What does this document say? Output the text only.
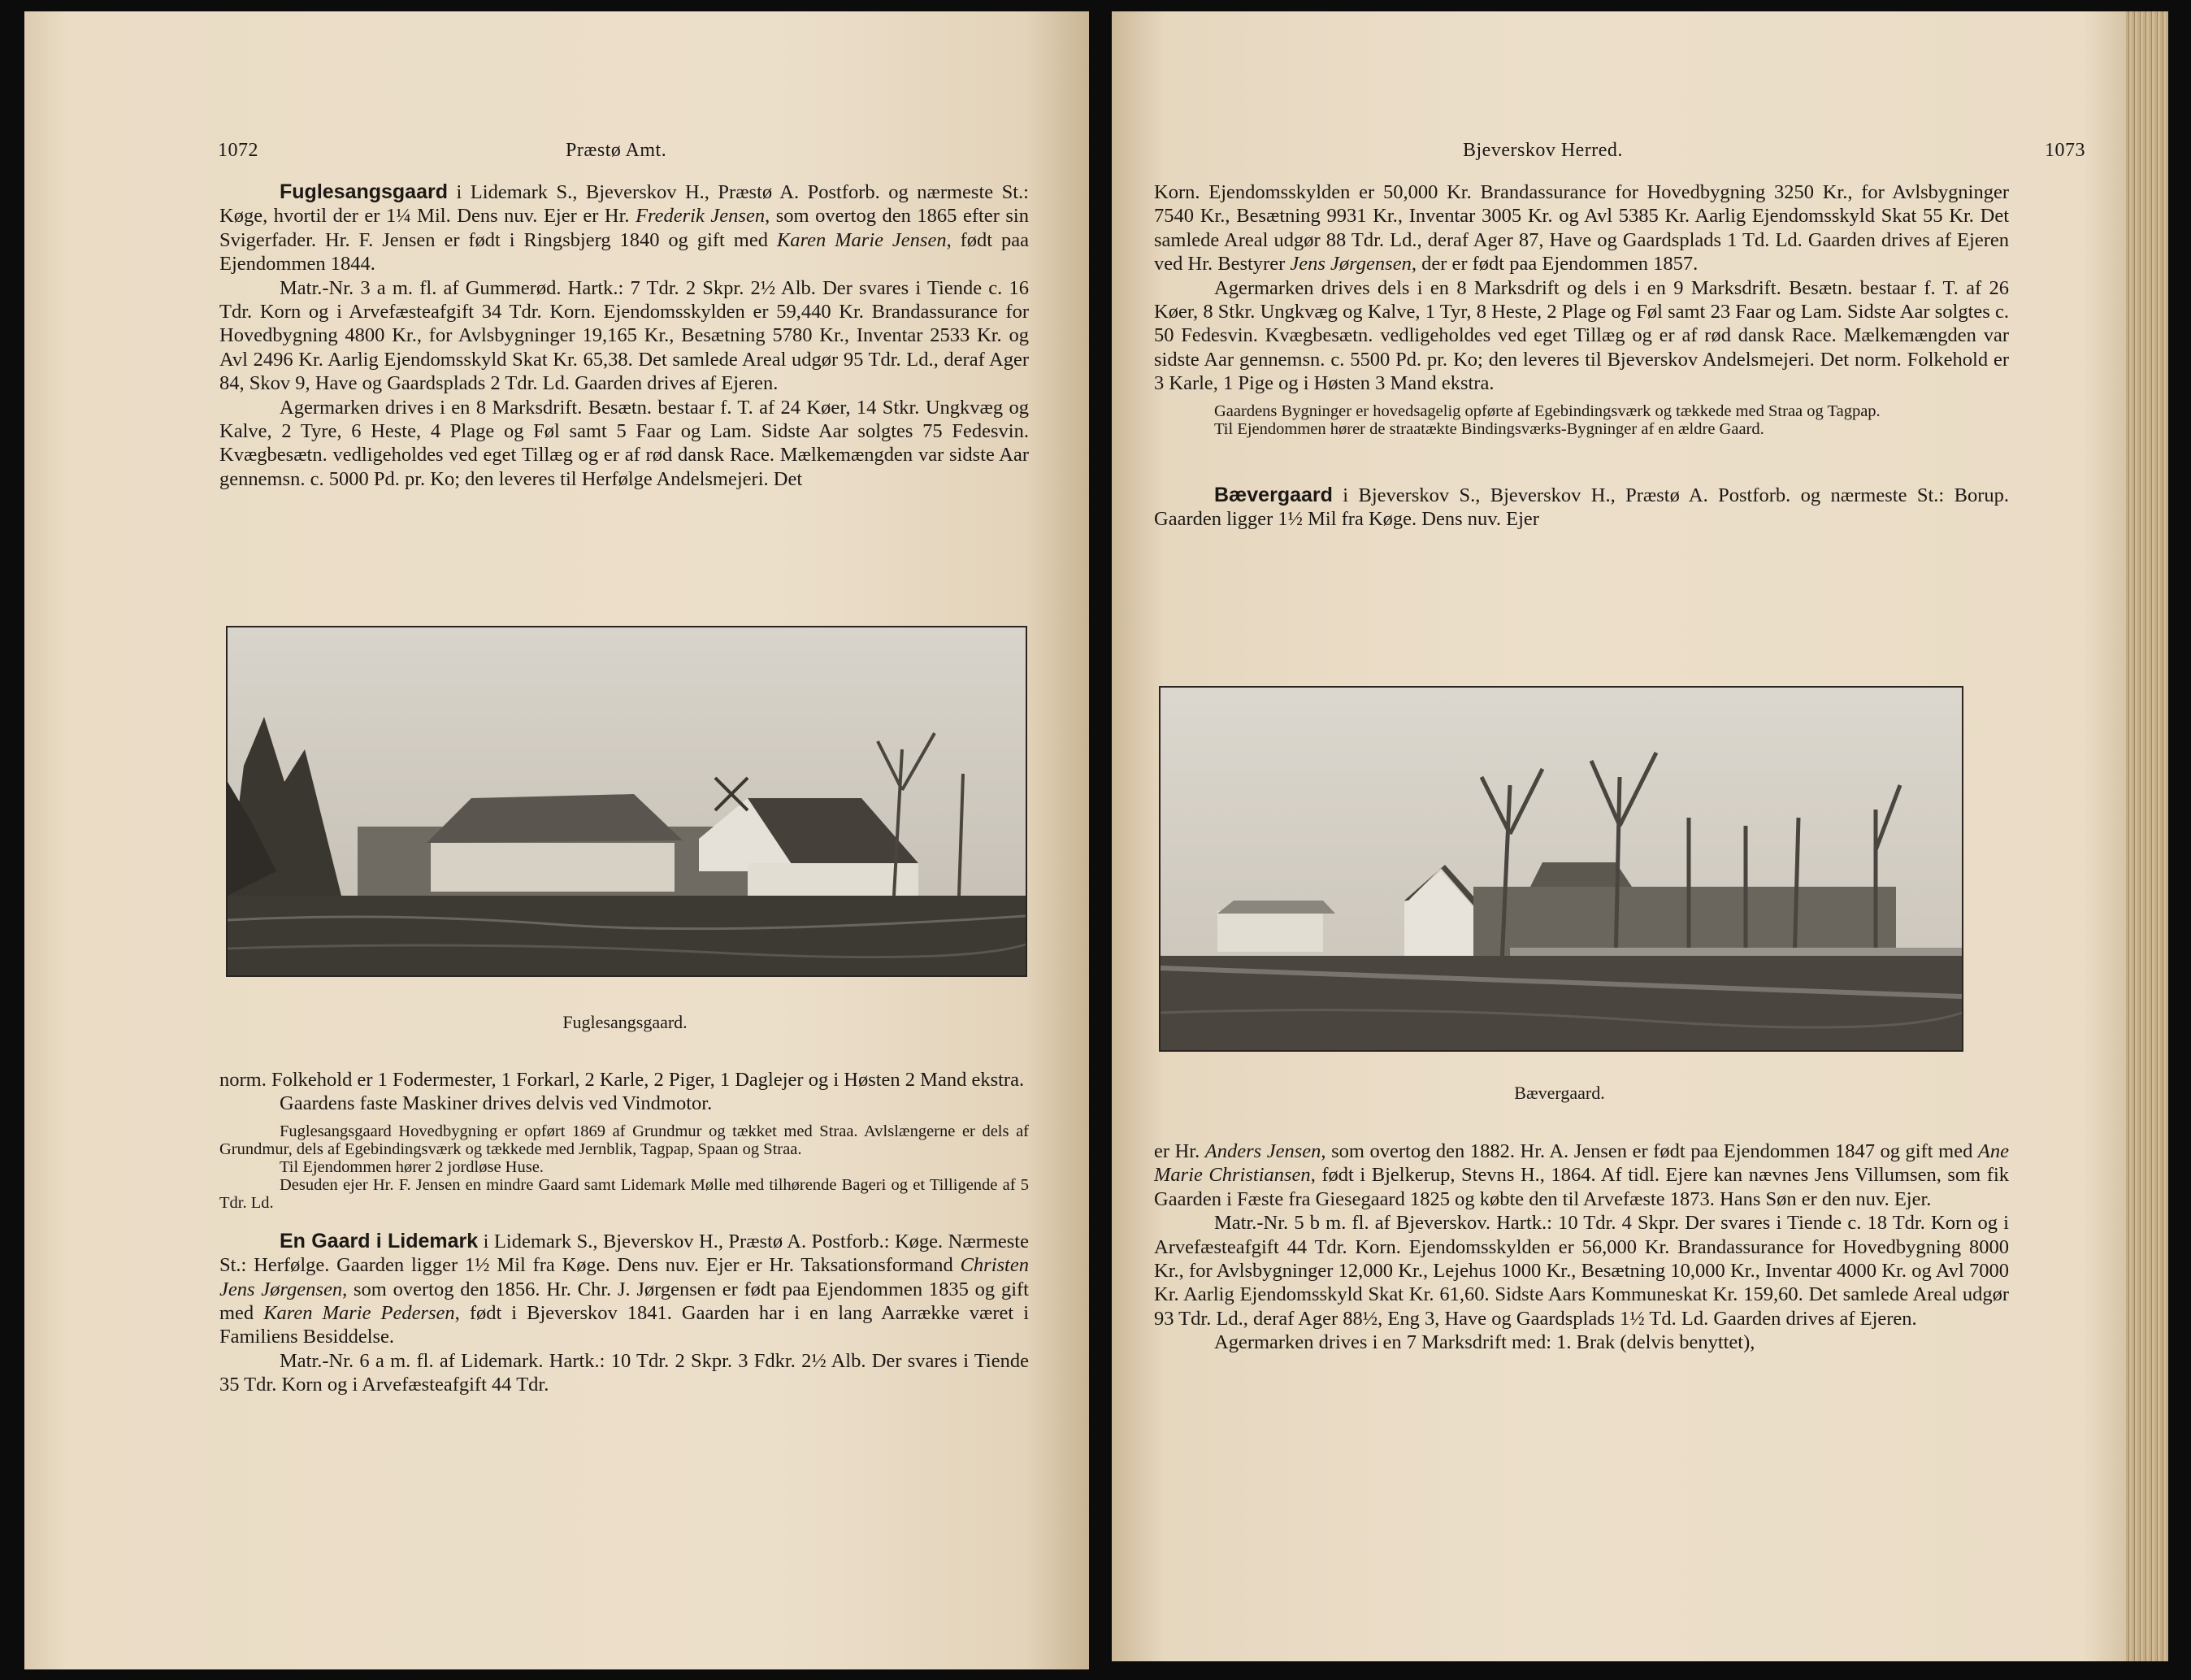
1072	Præstø Amt.

Fuglesangsgaard i Lidemark S., Bjeverskov H., Præstø A. Postforb. og nærmeste St.: Køge, hvortil der er 1¼ Mil. Dens nuv. Ejer er Hr. Frederik Jensen, som overtog den 1865 efter sin Svigerfader. Hr. F. Jensen er født i Ringsbjerg 1840 og gift med Karen Marie Jensen, født paa Ejendommen 1844.

Matr.-Nr. 3 a m. fl. af Gummerød. Hartk.: 7 Tdr. 2 Skpr. 2½ Alb. Der svares i Tiende c. 16 Tdr. Korn og i Arvefæsteafgift 34 Tdr. Korn. Ejendomsskylden er 59,440 Kr. Brandassurance for Hovedbygning 4800 Kr., for Avlsbygninger 19,165 Kr., Besætning 5780 Kr., Inventar 2533 Kr. og Avl 2496 Kr. Aarlig Ejendomsskyld Skat Kr. 65,38. Det samlede Areal udgør 95 Tdr. Ld., deraf Ager 84, Skov 9, Have og Gaardsplads 2 Tdr. Ld. Gaarden drives af Ejeren.

Agermarken drives i en 8 Marksdrift. Besætn. bestaar f. T. af 24 Køer, 14 Stkr. Ungkvæg og Kalve, 2 Tyre, 6 Heste, 4 Plage og Føl samt 5 Faar og Lam. Sidste Aar solgtes 75 Fedesvin. Kvægbesætn. vedligeholdes ved eget Tillæg og er af rød dansk Race. Mælkemængden var sidste Aar gennemsn. c. 5000 Pd. pr. Ko; den leveres til Herfølge Andelsmejeri. Det

Fuglesangsgaard.

norm. Folkehold er 1 Fodermester, 1 Forkarl, 2 Karle, 2 Piger, 1 Daglejer og i Høsten 2 Mand ekstra.

Gaardens faste Maskiner drives delvis ved Vindmotor.

Fuglesangsgaard Hovedbygning er opført 1869 af Grundmur og tækket med Straa. Avlslængerne er dels af Grundmur, dels af Egebindingsværk og tækkede med Jernblik, Tagpap, Spaan og Straa.

Til Ejendommen hører 2 jordløse Huse.

Desuden ejer Hr. F. Jensen en mindre Gaard samt Lidemark Mølle med tilhørende Bageri og et Tilligende af 5 Tdr. Ld.

En Gaard i Lidemark i Lidemark S., Bjeverskov H., Præstø A. Postforb.: Køge. Nærmeste St.: Herfølge. Gaarden ligger 1½ Mil fra Køge. Dens nuv. Ejer er Hr. Taksationsformand Christen Jens Jørgensen, som overtog den 1856. Hr. Chr. J. Jørgensen er født paa Ejendommen 1835 og gift med Karen Marie Pedersen, født i Bjeverskov 1841. Gaarden har i en lang Aarrække været i Familiens Besiddelse.

Matr.-Nr. 6 a m. fl. af Lidemark. Hartk.: 10 Tdr. 2 Skpr. 3 Fdkr. 2½ Alb. Der svares i Tiende 35 Tdr. Korn og i Arvefæsteafgift 44 Tdr.

Bjeverskov Herred.	1073

Korn. Ejendomsskylden er 50,000 Kr. Brandassurance for Hovedbygning 3250 Kr., for Avlsbygninger 7540 Kr., Besætning 9931 Kr., Inventar 3005 Kr. og Avl 5385 Kr. Aarlig Ejendomsskyld Skat 55 Kr. Det samlede Areal udgør 88 Tdr. Ld., deraf Ager 87, Have og Gaardsplads 1 Td. Ld. Gaarden drives af Ejeren ved Hr. Bestyrer Jens Jørgensen, der er født paa Ejendommen 1857.

Agermarken drives dels i en 8 Marksdrift og dels i en 9 Marksdrift. Besætn. bestaar f. T. af 26 Køer, 8 Stkr. Ungkvæg og Kalve, 1 Tyr, 8 Heste, 2 Plage og Føl samt 23 Faar og Lam. Sidste Aar solgtes c. 50 Fedesvin. Kvægbesætn. vedligeholdes ved eget Tillæg og er af rød dansk Race. Mælkemængden var sidste Aar gennemsn. c. 5500 Pd. pr. Ko; den leveres til Bjeverskov Andelsmejeri. Det norm. Folkehold er 3 Karle, 1 Pige og i Høsten 3 Mand ekstra.

Gaardens Bygninger er hovedsagelig opførte af Egebindingsværk og tækkede med Straa og Tagpap.

Til Ejendommen hører de straatækte Bindingsværks-Bygninger af en ældre Gaard.

Bævergaard i Bjeverskov S., Bjeverskov H., Præstø A. Postforb. og nærmeste St.: Borup. Gaarden ligger 1½ Mil fra Køge. Dens nuv. Ejer

Bævergaard.

er Hr. Anders Jensen, som overtog den 1882. Hr. A. Jensen er født paa Ejendommen 1847 og gift med Ane Marie Christiansen, født i Bjelkerup, Stevns H., 1864. Af tidl. Ejere kan nævnes Jens Villumsen, som fik Gaarden i Fæste fra Giesegaard 1825 og købte den til Arvefæste 1873. Hans Søn er den nuv. Ejer.

Matr.-Nr. 5 b m. fl. af Bjeverskov. Hartk.: 10 Tdr. 4 Skpr. Der svares i Tiende c. 18 Tdr. Korn og i Arvefæsteafgift 44 Tdr. Korn. Ejendomsskylden er 56,000 Kr. Brandassurance for Hovedbygning 8000 Kr., for Avlsbygninger 12,000 Kr., Lejehus 1000 Kr., Besætning 10,000 Kr., Inventar 4000 Kr. og Avl 7000 Kr. Aarlig Ejendomsskyld Skat Kr. 61,60. Sidste Aars Kommuneskat Kr. 159,60. Det samlede Areal udgør 93 Tdr. Ld., deraf Ager 88½, Eng 3, Have og Gaardsplads 1½ Td. Ld. Gaarden drives af Ejeren.

Agermarken drives i en 7 Marksdrift med: 1. Brak (delvis benyttet),
